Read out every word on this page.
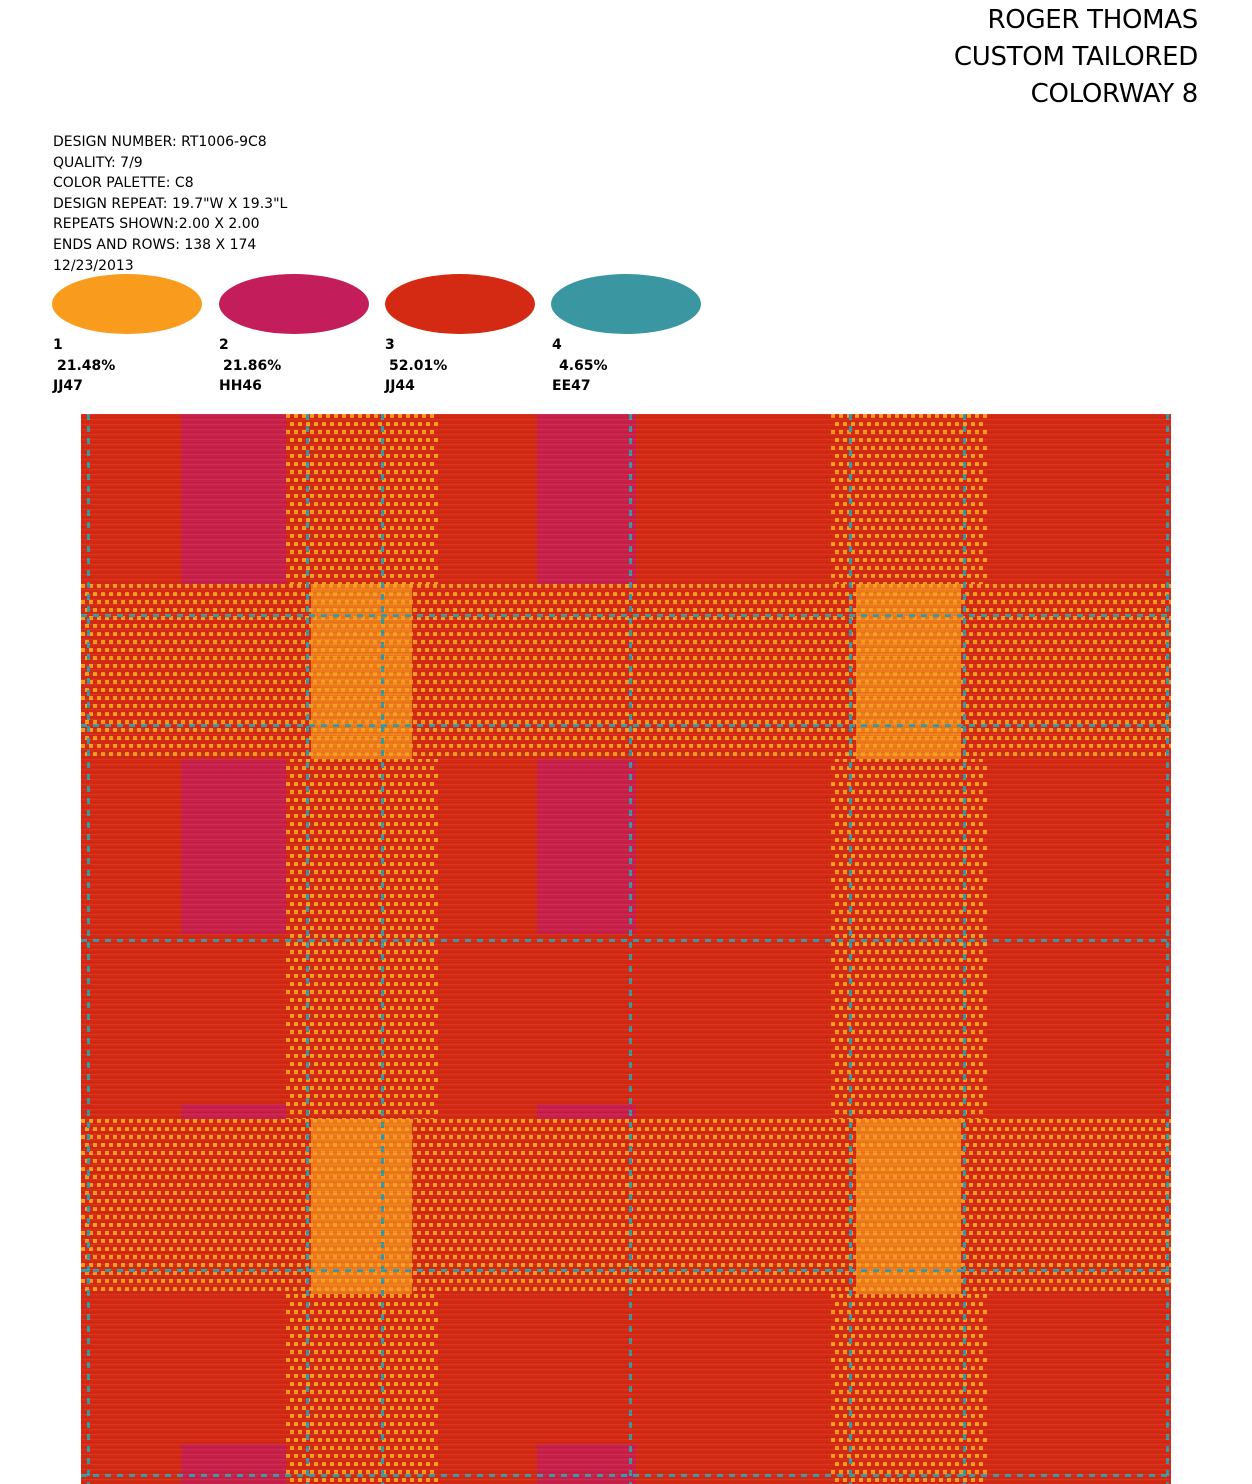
ROGER THOMAS
CUSTOM TAILORED
COLORWAY 8
DESIGN NUMBER: RT1006-9C8
QUALITY: 7/9
COLOR PALETTE: C8
DESIGN REPEAT: 19.7"W X 19.3"L
REPEATS SHOWN:2.00 X 2.00
ENDS AND ROWS: 138 X 174
12/23/2013
1
21.48%
JJ47
2
21.86%
HH46
3
52.01%
JJ44
4
4.65%
EE47
